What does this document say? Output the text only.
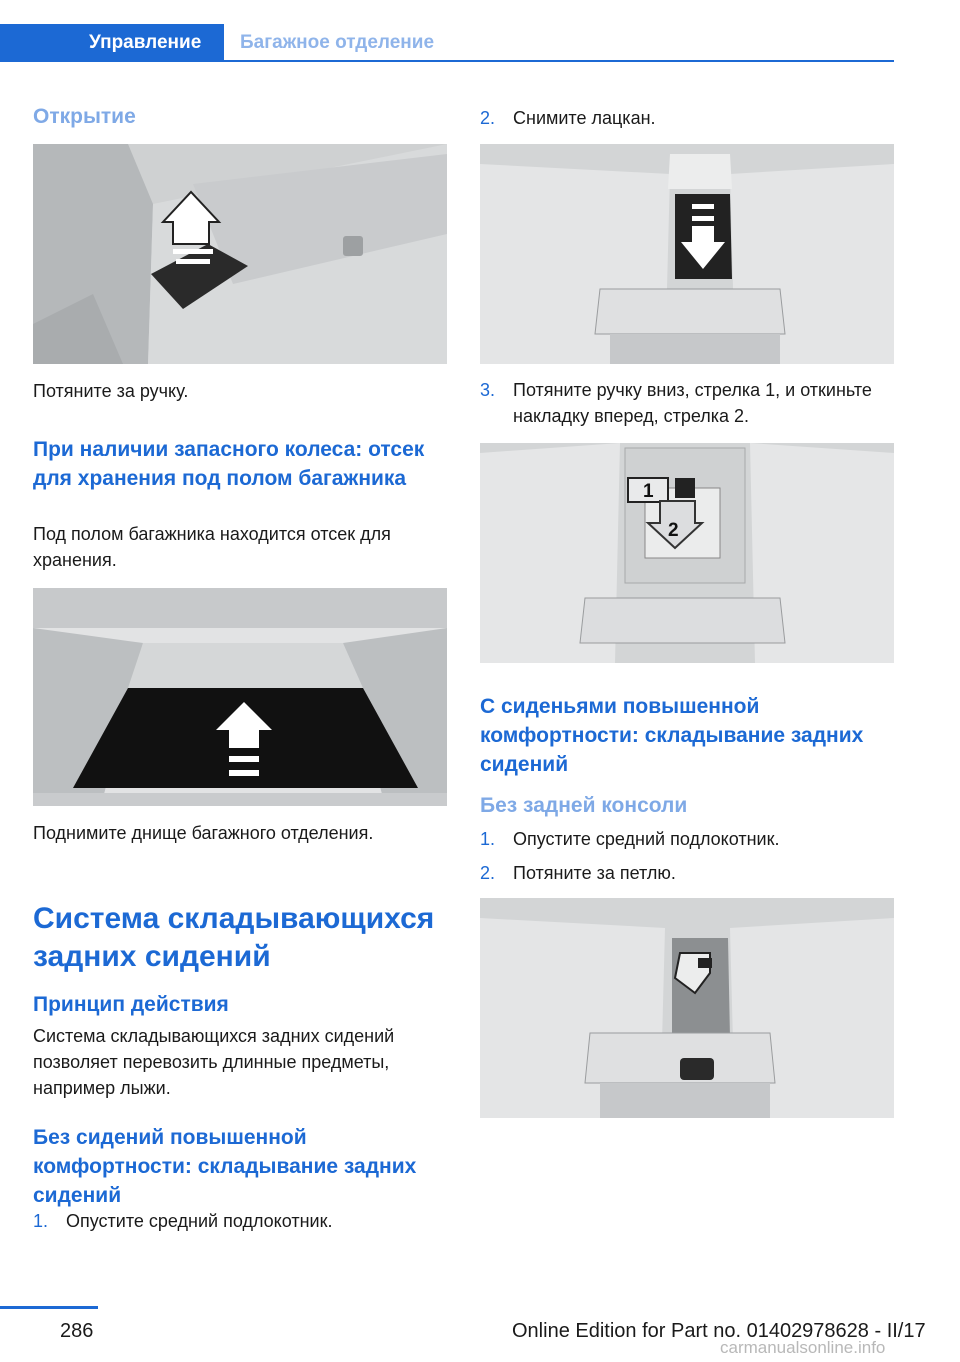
Управление Багажное отделение
Открытие
Потяните за ручку.
При наличии запасного колеса: отсек для хранения под полом багажника
Под полом багажника находится отсек для хранения.
Поднимите днище багажного отделения.
Система складывающихся задних сидений
Принцип действия
Система складывающихся задних сидений позволяет перевозить длинные предметы, например лыжи.
Без сидений повышенной комфортности: складывание задних сидений
1. Опустите средний подлокотник.
2. Снимите лацкан.
3. Потяните ручку вниз, стрелка 1, и откиньте накладку вперед, стрелка 2.
1
2
С сиденьями повышенной комфортности: складывание задних сидений
Без задней консоли
1. Опустите средний подлокотник.
2. Потяните за петлю.
286	Online Edition for Part no. 01402978628 - II/17
carmanualsonline.info
